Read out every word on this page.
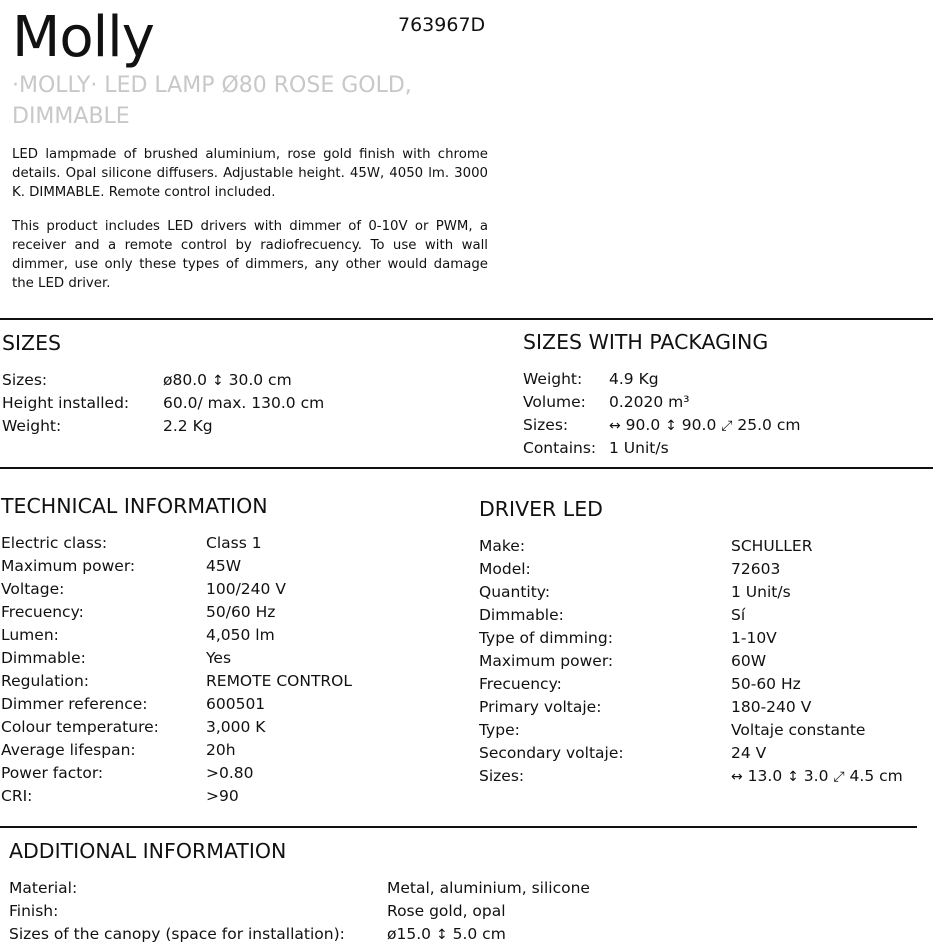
Molly	763967D
·MOLLY· LED LAMP Ø80 ROSE GOLD, DIMMABLE

LED lampmade of brushed aluminium, rose gold finish with chrome details. Opal silicone diffusers. Adjustable height. 45W, 4050 lm. 3000 K. DIMMABLE. Remote control included.

This product includes LED drivers with dimmer of 0-10V or PWM, a receiver and a remote control by radiofrecuency. To use with wall dimmer, use only these types of dimmers, any other would damage the LED driver.

SIZES
Sizes:	ø80.0 ↕ 30.0 cm
Height installed: 60.0/ max. 130.0 cm
Weight:	2.2 Kg
SIZES WITH PACKAGING
Weight: 4.9 Kg
Volume: 0.2020 m³
Sizes:	↔ 90.0 ↕ 90.0 ⤢ 25.0 cm
Contains: 1 Unit/s
TECHNICAL INFORMATION
Electric class:	Class 1
Maximum power:	45W
Voltage:	100/240 V
Frecuency:	50/60 Hz
Lumen:	4,050 lm
Dimmable:	Yes
Regulation:	REMOTE CONTROL
Dimmer reference:	600501
Colour temperature:	3,000 K
Average lifespan:	20h
Power factor:	>0.80
CRI:	>90
DRIVER LED
Make:	SCHULLER
Model:	72603
Quantity:	1 Unit/s
Dimmable:	Sí
Type of dimming:	1-10V
Maximum power:	60W
Frecuency:	50-60 Hz
Primary voltaje:	180-240 V
Type:	Voltaje constante
Secondary voltaje:	24 V
Sizes:	↔ 13.0 ↕ 3.0 ⤢ 4.5 cm
ADDITIONAL INFORMATION
Material:	Metal, aluminium, silicone
Finish:	Rose gold, opal
Sizes of the canopy (space for installation):	ø15.0 ↕ 5.0 cm
